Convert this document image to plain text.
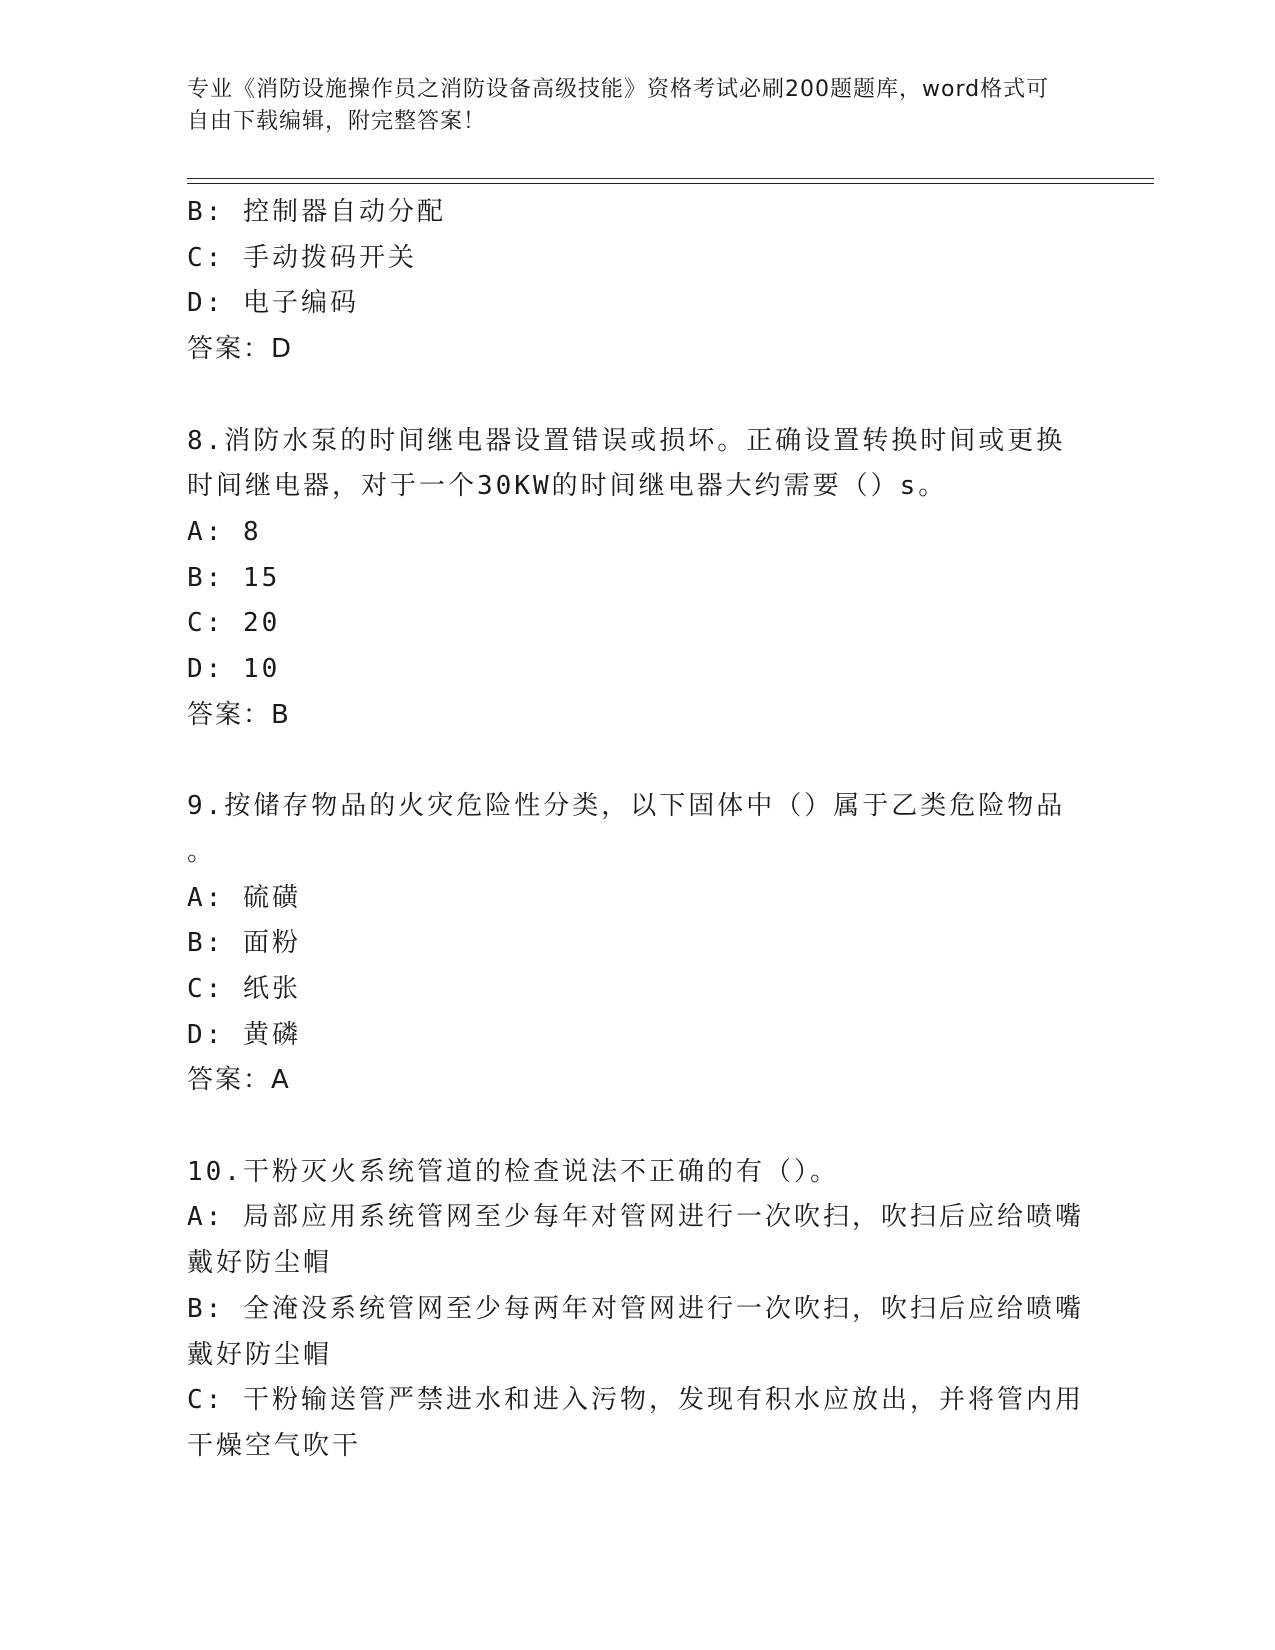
专业《消防设施操作员之消防设备高级技能》资格考试必刷200题题库，word格式可自由下载编辑，附完整答案！
B: 控制器自动分配
C: 手动拨码开关
D: 电子编码
答案：D
8.消防水泵的时间继电器设置错误或损坏。正确设置转换时间或更换
时间继电器，对于一个30KW的时间继电器大约需要（）s。
A: 8
B: 15
C: 20
D: 10
答案：B
9.按储存物品的火灾危险性分类，以下固体中（）属于乙类危险物品
。
A: 硫磺
B: 面粉
C: 纸张
D: 黄磷
答案：A
10.干粉灭火系统管道的检查说法不正确的有（）。
A: 局部应用系统管网至少每年对管网进行一次吹扫，吹扫后应给喷嘴
戴好防尘帽
B: 全淹没系统管网至少每两年对管网进行一次吹扫，吹扫后应给喷嘴
戴好防尘帽
C: 干粉输送管严禁进水和进入污物，发现有积水应放出，并将管内用
干燥空气吹干
